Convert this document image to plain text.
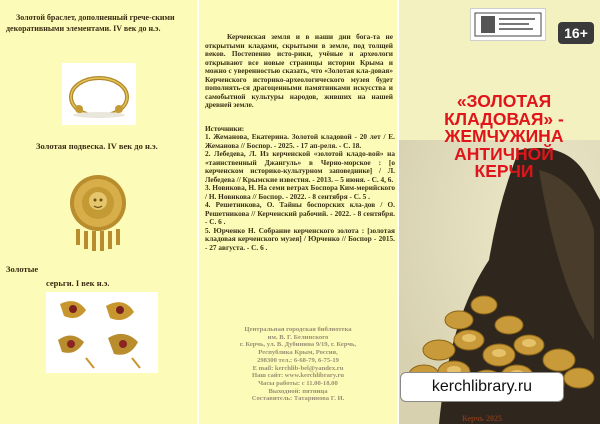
Золотой браслет, дополненный грече-скими декоративными элементами. IV век до н.э.
Золотая подвеска. IV век до н.э.
Золотые
серьги. I век н.э.
Керченская земля и в наши дни бога-та не открытыми кладами, скрытыми в земле, под толщей веков. Постепенно исто-рики, учёные и археологи открывают все новые страницы истории Крыма и можно с уверенностью сказать, что «Золотая кла-довая» Керченского историко-археологического музея будет пополнять-ся драгоценными памятниками искусства и самобытной культуры народов, живших на нашей древней земле.
Источники:
1. Жеманова, Екатерина. Золотой кладовой - 20 лет / Е. Жеманова // Боспор. - 2025. - 17 ап-реля. - С. 18.
2. Лебедева, Л. Из керченской «золотой кладо-вой» на «таинственный Джангуль» в Черно-морское : [о керченском историко-культурном заповеднике] / Л. Лебедева // Крымские известия. - 2013. – 5 июня. - С. 4, 6.
3. Новикова, Н. На семи ветрах Боспора Ким-мерийского / Н. Новикова // Боспор. - 2022. - 8 сентября - С. 5 .
4. Решетникова, О. Тайны боспорских кла-дов / О. Решетникова // Керченский рабочий. - 2022. - 8 сентября. - С. 6 .
5. Юрченко Н. Собрание керченского золота : [золотая кладовая керченского музея] / Юрченко // Боспор - 2015. - 27 августа. - С. 6 .
Центральная городская библиотека
им. В. Г. Белинского
г. Керчь, ул. В. Дубинина 9/19, г. Керчь,
Республика Крым, Россия,
298300 тел.: 6-68-79, 6-75-19
E mail: kerchlib-bel@yandex.ru
Наш сайт: www.kerchlibrary.ru
Часы работы: с 11.00-18.00
Выходной: пятница
Составитель: Татаринова Г. И.
16+
«ЗОЛОТАЯ
КЛАДОВАЯ» -
ЖЕМЧУЖИНА
АНТИЧНОЙ
КЕРЧИ
kerchlibrary.ru
Керчь 2025
